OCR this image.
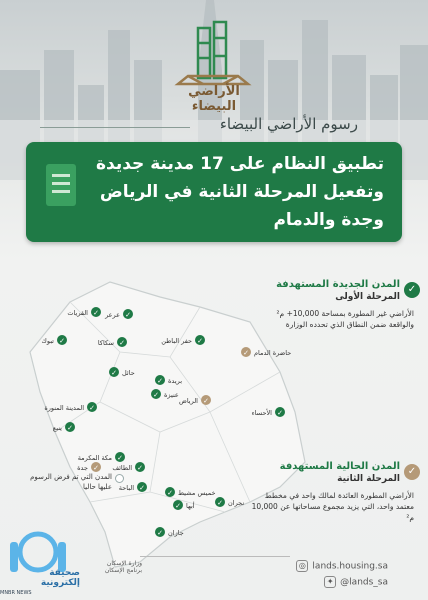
الأراضي البيضاء
رسوم الأراضي البيضاء
تطبيق النظام على 17 مدينة جديدة وتفعيل المرحلة الثانية في الرياض وجدة والدمام
✓
القريات	✓
عرعر
✓
تبوك	✓
سكاكا	✓
حفر الباطن
✓ حائل
✓ بريدة
✓ عنيزة
✓
المدينة المنورة
✓
ينبع
✓
الأحساء
✓
مكة المكرمة
✓
الطائف
✓
الباحة
✓ خميس مشيط
✓ أبها	✓ نجران
✓ جازان
✓ حاضرة الدمام
✓
الرياض
✓
جدة
✓
المدن الجديدة المستهدفة
المرحلة الأولى
الأراضي غير المطورة بمساحة 10,000+ م² والواقعة ضمن النطاق الذي تحدده الوزارة
✓
المدن الحالية المستهدفة
المرحلة الثانية
الأراضي المطورة العائدة لمالك واحد في مخطط معتمد واحد، التي يزيد مجموع مساحاتها عن 10,000 م²
المدن التي تم فرض الرسوم عليها حاليا
◎ lands.housing.sa
✦ @lands_sa
وزارة الإسكان
برنامج الإسكان
صحيفة إلكترونية
MNBR NEWS
